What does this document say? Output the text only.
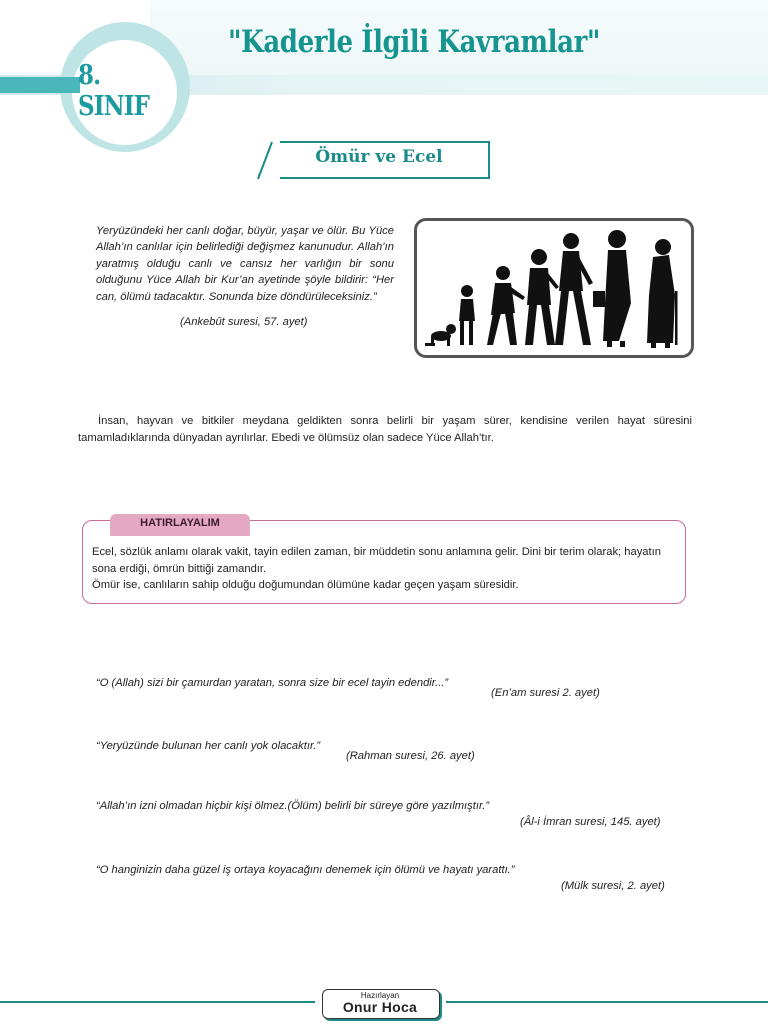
8. SINIF
"Kaderle İlgili Kavramlar"
Ömür ve Ecel
Yeryüzündeki her canlı doğar, büyür, yaşar ve ölür. Bu Yüce Allah’ın canlılar için belirlediği değişmez kanunudur. Allah’ın yaratmış olduğu canlı ve cansız her varlığın bir sonu olduğunu Yüce Allah bir Kur’an ayetinde şöyle bildirir: “Her can, ölümü tadacaktır. Sonunda bize döndürüleceksiniz.”
(Ankebût suresi, 57. ayet)
İnsan, hayvan ve bitkiler meydana geldikten sonra belirli bir yaşam sürer, kendisine verilen hayat süresini tamamladıklarında dünyadan ayrılırlar. Ebedi ve ölümsüz olan sadece Yüce Allah’tır.
HATIRLAYALIM
Ecel, sözlük anlamı olarak vakit, tayin edilen zaman, bir müddetin sonu anlamına gelir. Dini bir terim olarak; hayatın sona erdiği, ömrün bittiği zamandır.
Ömür ise, canlıların sahip olduğu doğumundan ölümüne kadar geçen yaşam süresidir.
“O (Allah) sizi bir çamurdan yaratan, sonra size bir ecel tayin edendir...”
(En’am suresi 2. ayet)
“Yeryüzünde bulunan her canlı yok olacaktır.”
(Rahman suresi, 26. ayet)
“Allah’ın izni olmadan hiçbir kişi ölmez.(Ölüm) belirli bir süreye göre yazılmıştır.”
(Âl-i İmran suresi, 145. ayet)
“O hanginizin daha güzel iş ortaya koyacağını denemek için ölümü ve hayatı yarattı.”
(Mülk suresi, 2. ayet)
Hazırlayan
Onur Hoca
